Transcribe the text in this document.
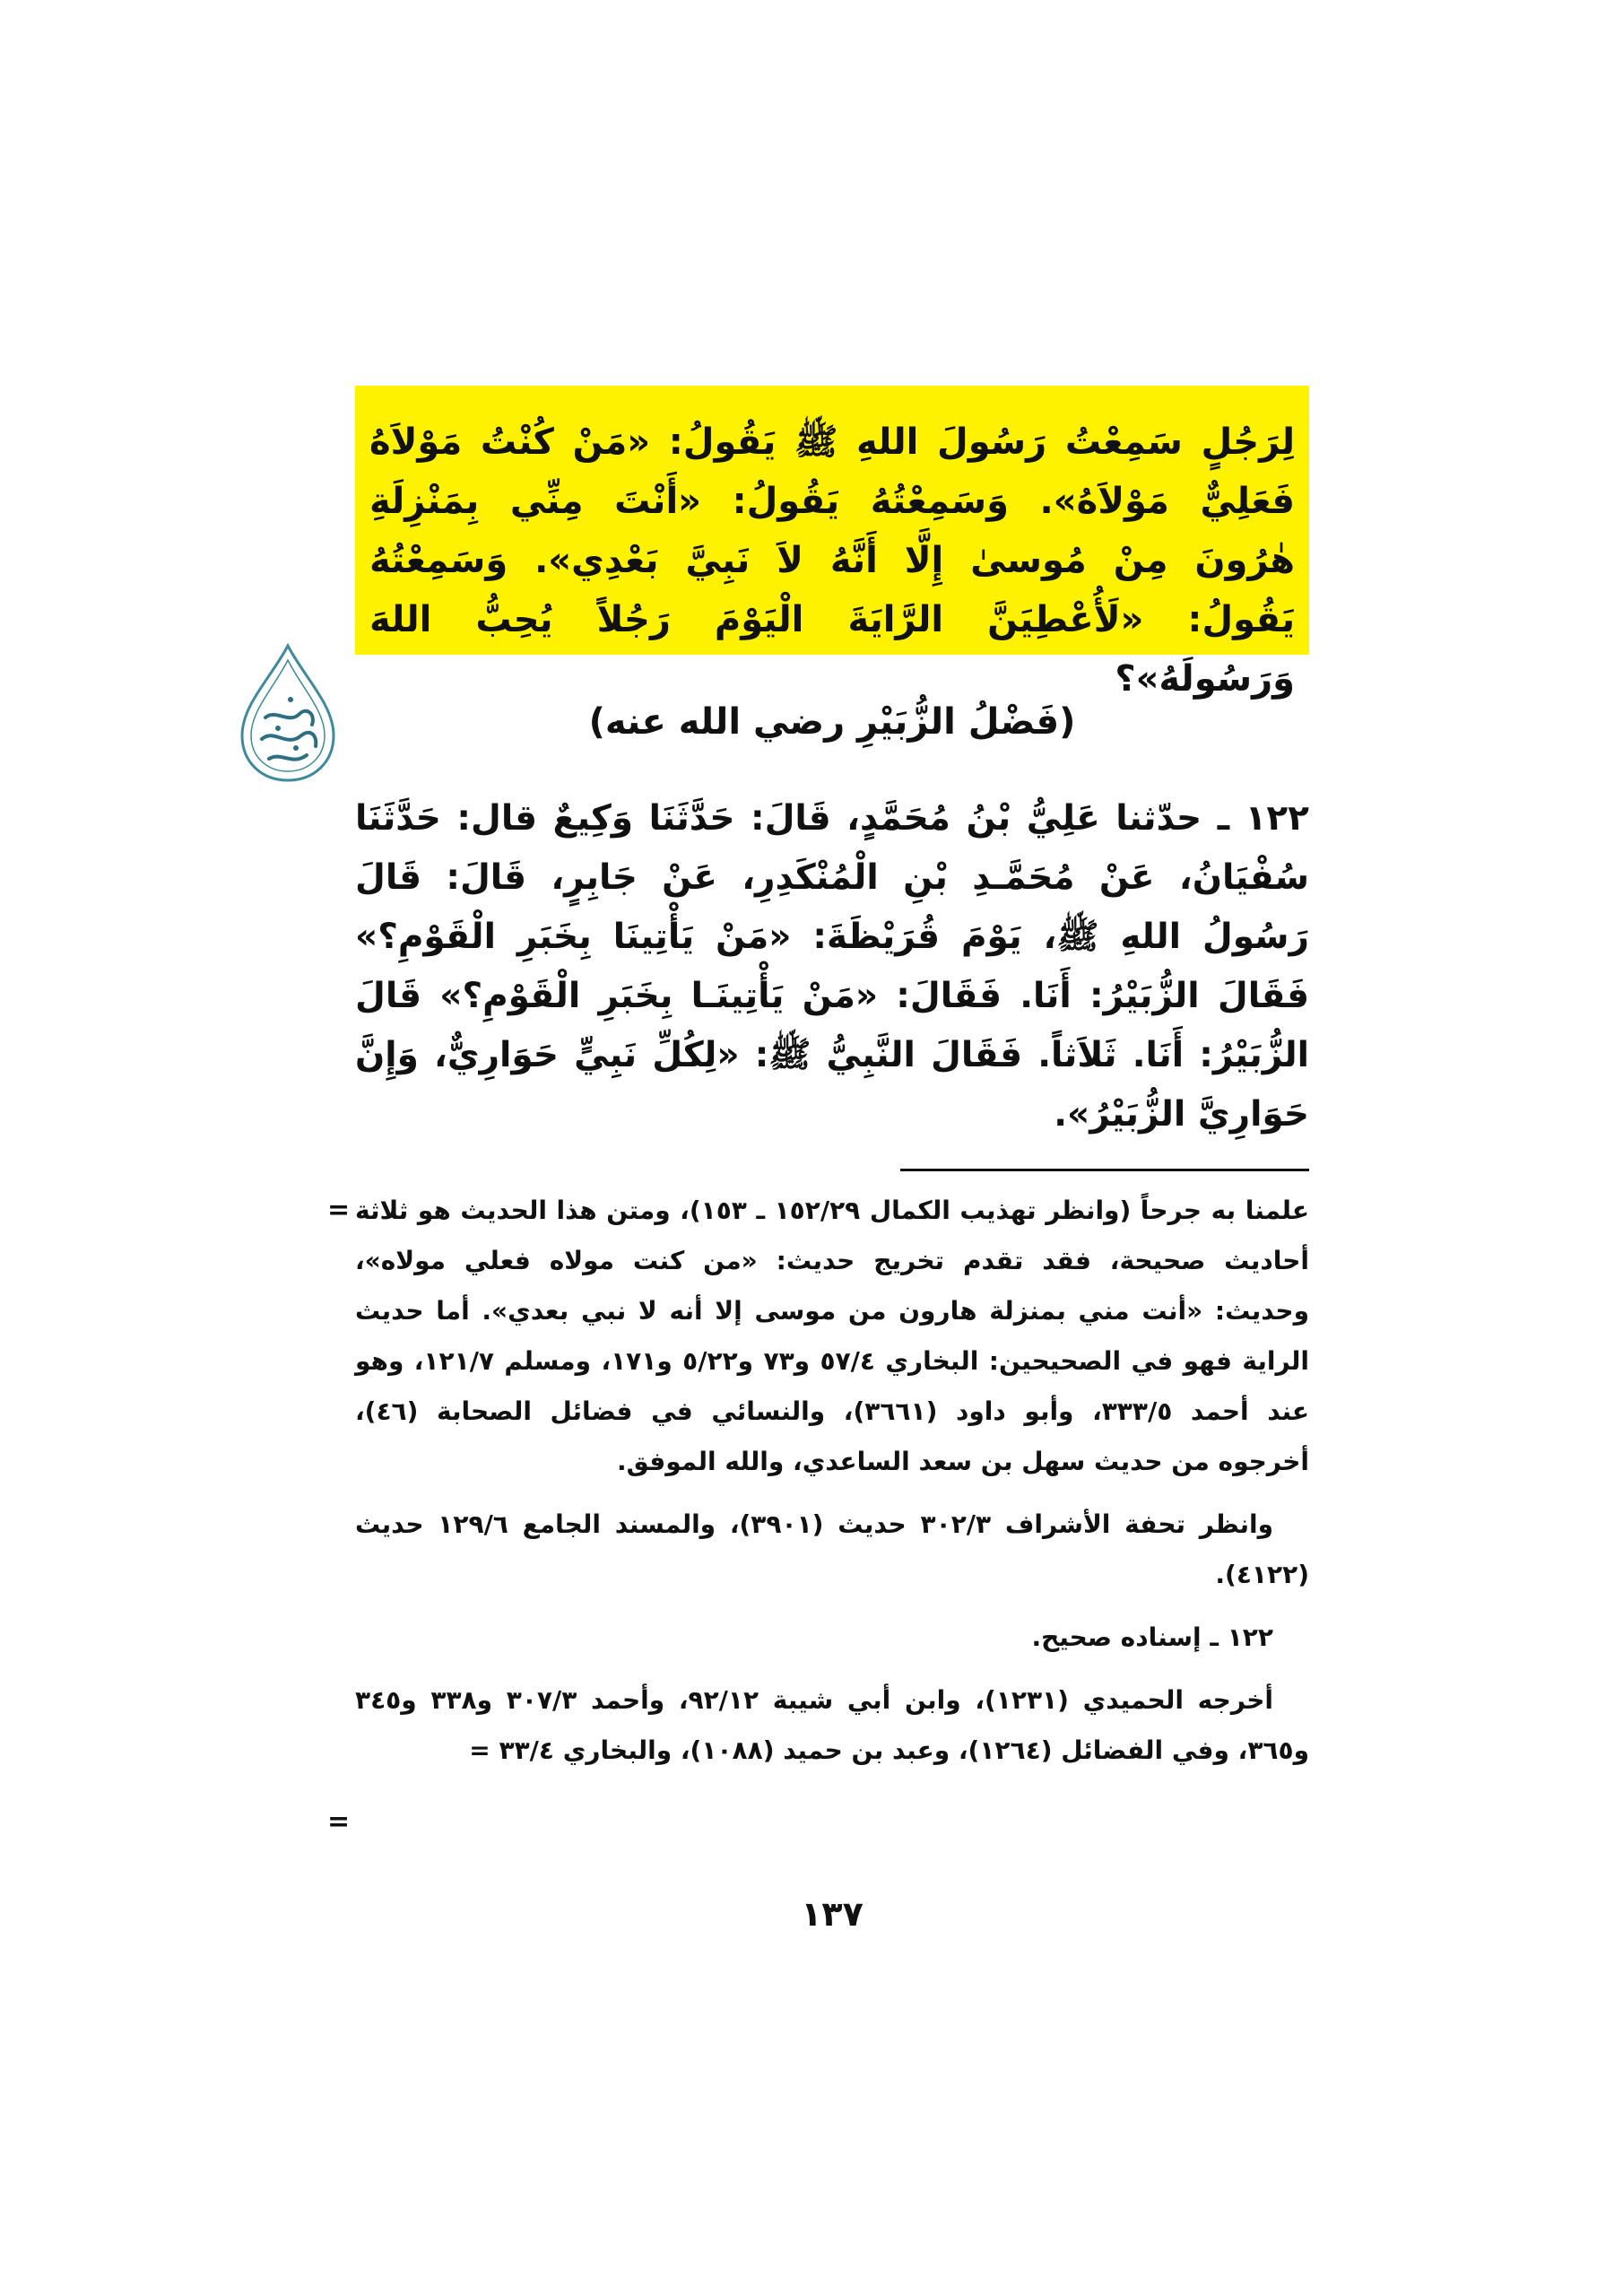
لِرَجُلٍ سَمِعْتُ رَسُولَ اللهِ ﷺ يَقُولُ: «مَنْ كُنْتُ مَوْلاَهُ فَعَلِيٌّ مَوْلاَهُ». وَسَمِعْتُهُ يَقُولُ: «أَنْتَ مِنِّي بِمَنْزِلَةِ هٰرُونَ مِنْ مُوسىٰ إِلَّا أَنَّهُ لاَ نَبِيَّ بَعْدِي». وَسَمِعْتُهُ يَقُولُ: «لَأُعْطِيَنَّ الرَّايَةَ الْيَوْمَ رَجُلاً يُحِبُّ اللهَ وَرَسُولَهُ»؟

(فَضْلُ الزُّبَيْرِ رضي الله عنه)

١٢٢ ـ حدّثنا عَلِيُّ بْنُ مُحَمَّدٍ، قَالَ: حَدَّثَنَا وَكِيعٌ قال: حَدَّثَنَا سُفْيَانُ، عَنْ مُحَمَّـدِ بْنِ الْمُنْكَدِرِ، عَنْ جَابِرٍ، قَالَ: قَالَ رَسُولُ اللهِ ﷺ، يَوْمَ قُرَيْظَةَ: «مَنْ يَأْتِينَا بِخَبَرِ الْقَوْمِ؟» فَقَالَ الزُّبَيْرُ: أَنَا. فَقَالَ: «مَنْ يَأْتِينَـا بِخَبَرِ الْقَوْمِ؟» قَالَ الزُّبَيْرُ: أَنَا. ثَلاَثاً. فَقَالَ النَّبِيُّ ﷺ: «لِكُلِّ نَبِيٍّ حَوَارِيٌّ، وَإِنَّ حَوَارِيَّ الزُّبَيْرُ».

=
=

علمنا به جرحاً (وانظر تهذيب الكمال ١٥٢/٢٩ ـ ١٥٣)، ومتن هذا الحديث هو ثلاثة أحاديث صحيحة، فقد تقدم تخريج حديث: «من كنت مولاه فعلي مولاه»، وحديث: «أنت مني بمنزلة هارون من موسى إلا أنه لا نبي بعدي». أما حديث الراية فهو في الصحيحين: البخاري ٥٧/٤ و٧٣ و٥/٢٢ و١٧١، ومسلم ١٢١/٧، وهو عند أحمد ٣٣٣/٥، وأبو داود (٣٦٦١)، والنسائي في فضائل الصحابة (٤٦)، أخرجوه من حديث سهل بن سعد الساعدي، والله الموفق.

وانظر تحفة الأشراف ٣٠٢/٣ حديث (٣٩٠١)، والمسند الجامع ١٢٩/٦ حديث (٤١٢٢).

١٢٢ ـ إسناده صحيح.

أخرجه الحميدي (١٢٣١)، وابن أبي شيبة ٩٢/١٢، وأحمد ٣٠٧/٣ و٣٣٨ و٣٤٥ و٣٦٥، وفي الفضائل (١٢٦٤)، وعبد بن حميد (١٠٨٨)، والبخاري ٣٣/٤ =

١٣٧
